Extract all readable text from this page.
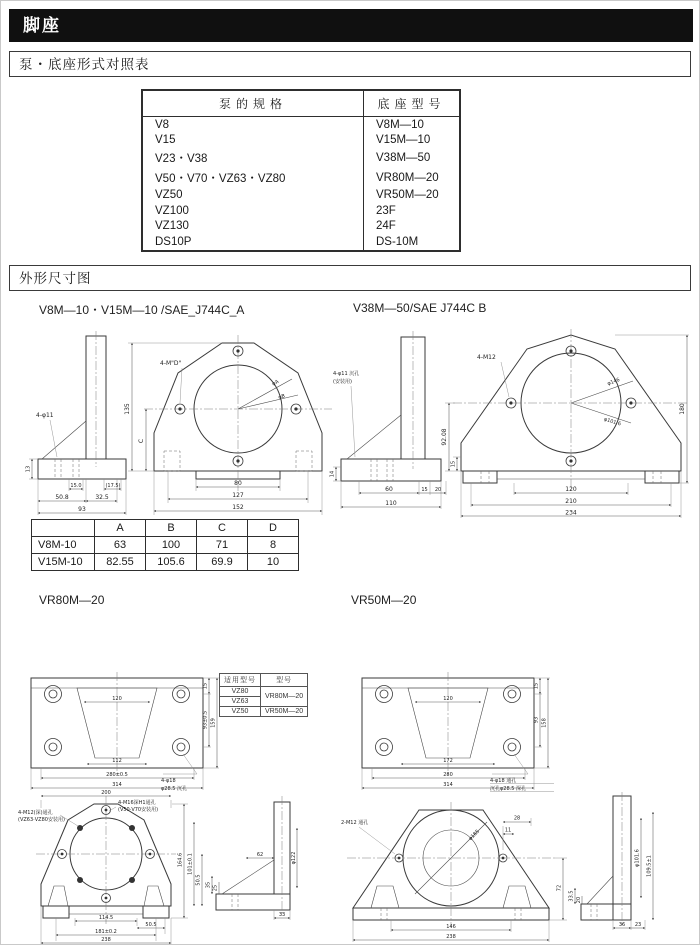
脚座
泵・底座形式对照表
泵的规格	底座型号
V8	V8M—10
V15	V15M—10
V23・V38	V38M—50
V50・V70・VZ63・VZ80	VR80M—20
VZ50	VR50M—20
VZ100	23F
VZ130	24F
DS10P	DS-10M
外形尺寸图
V8M—10・V15M—10 /SAE_J744C_A	V38M—50/SAE J744C B
4-φ11
13
15.0	(17.5)
50.8	32.5
93
φA
φB
4-M"D"
135
C
80
127
152
4-φ11 沉孔
(安装用)
14
60	15 20
110
φ146
φ101.6
4-M12
92.08
15
180
120
210
234
	A	B	C	D
V8M-10	63	100	71	8
V15M-10	82.55	105.6	69.9	10
VR80M—20	VR50M—20
120
112
280±0.5
314
15
93±0.5 159
4-φ18
φ28.5 沉孔
适用型号	型号
VZ80	VR80M—20
VZ63	
VZ50	VR50M—20
120
172
280
314
15
93 158
4-φ18 通孔
沉孔φ28.5 深孔
200
4-M12(深)通孔
(VZ63·VZ80安装用)
4-M16深H1通孔
(V50·V70安装用)
164.6 101±0.1
50.5
114.5
50.5
181±0.2
238
62
35 25
33
φ122
φ185
2-M12 通孔
28
11
72
146
238
φ101.6 109.5±1
33.5 20
36 23
